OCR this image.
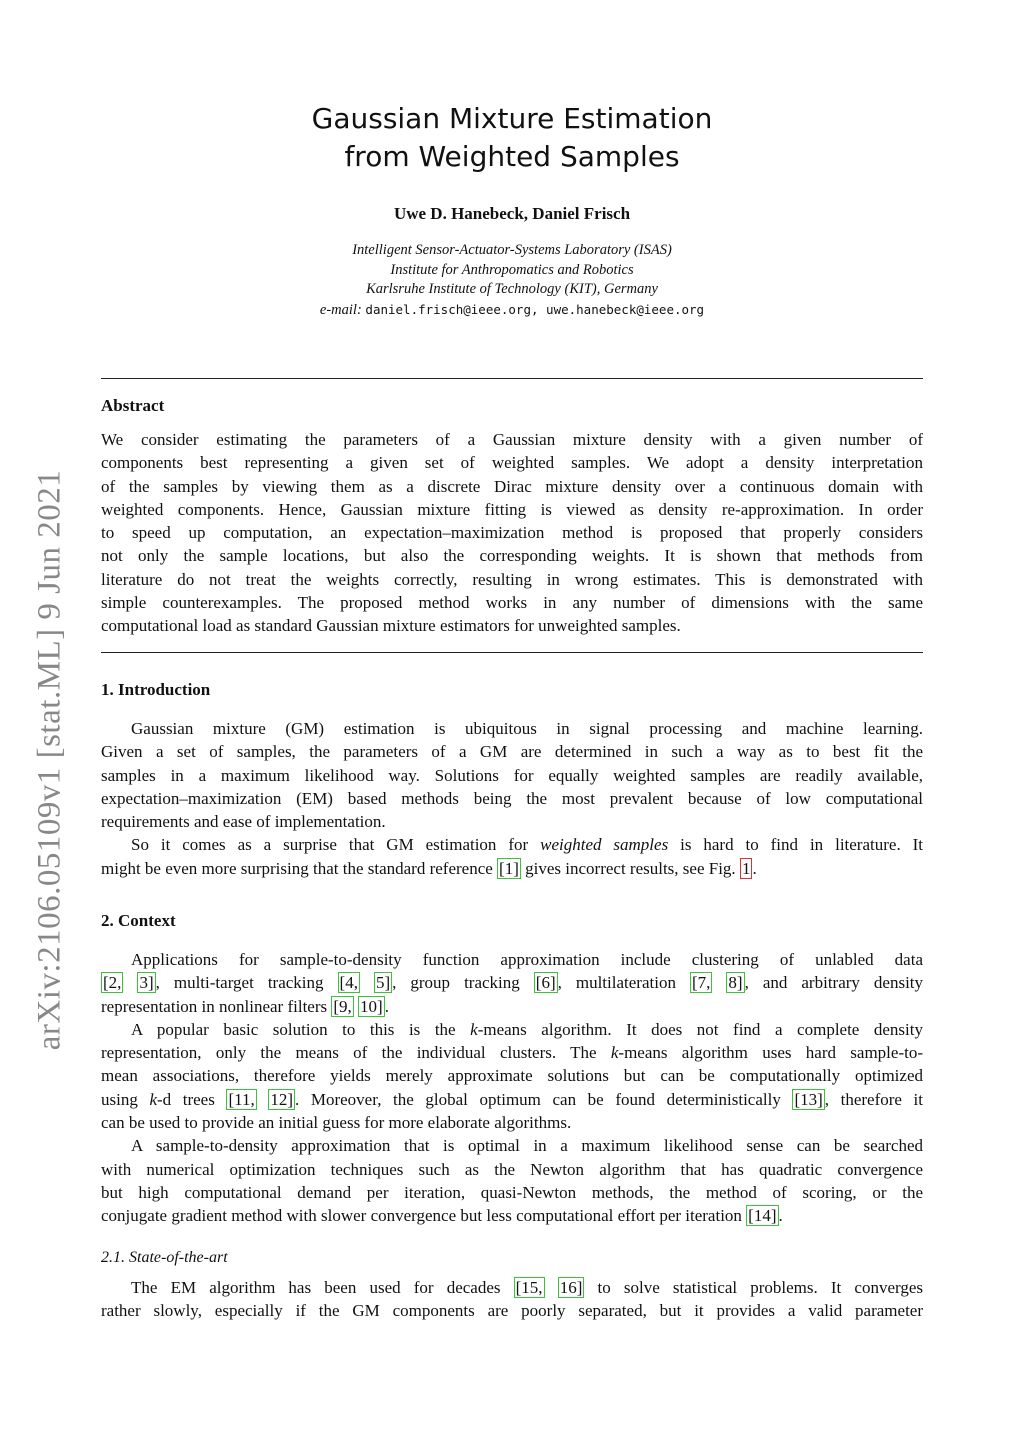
arXiv:2106.05109v1 [stat.ML] 9 Jun 2021
Gaussian Mixture Estimation
from Weighted Samples
Uwe D. Hanebeck, Daniel Frisch
Intelligent Sensor-Actuator-Systems Laboratory (ISAS)
Institute for Anthropomatics and Robotics
Karlsruhe Institute of Technology (KIT), Germany
e-mail: daniel.frisch@ieee.org, uwe.hanebeck@ieee.org
Abstract
We consider estimating the parameters of a Gaussian mixture density with a given number of
components best representing a given set of weighted samples. We adopt a density interpretation
of the samples by viewing them as a discrete Dirac mixture density over a continuous domain with
weighted components. Hence, Gaussian mixture fitting is viewed as density re-approximation. In order
to speed up computation, an expectation–maximization method is proposed that properly considers
not only the sample locations, but also the corresponding weights. It is shown that methods from
literature do not treat the weights correctly, resulting in wrong estimates. This is demonstrated with
simple counterexamples. The proposed method works in any number of dimensions with the same
computational load as standard Gaussian mixture estimators for unweighted samples.
1. Introduction
Gaussian mixture (GM) estimation is ubiquitous in signal processing and machine learning.
Given a set of samples, the parameters of a GM are determined in such a way as to best fit the
samples in a maximum likelihood way. Solutions for equally weighted samples are readily available,
expectation–maximization (EM) based methods being the most prevalent because of low computational
requirements and ease of implementation.
So it comes as a surprise that GM estimation for weighted samples is hard to find in literature. It
might be even more surprising that the standard reference [1] gives incorrect results, see Fig. 1 .
2. Context
Applications for sample-to-density function approximation include clustering of unlabled data
[2, 3] , multi-target tracking [4, 5] , group tracking [6] , multilateration [7, 8] , and arbitrary density
representation in nonlinear filters [9, 10] .
A popular basic solution to this is the k-means algorithm. It does not find a complete density
representation, only the means of the individual clusters. The k-means algorithm uses hard sample-to-
mean associations, therefore yields merely approximate solutions but can be computationally optimized
using k-d trees [11, 12] . Moreover, the global optimum can be found deterministically [13] , therefore it
can be used to provide an initial guess for more elaborate algorithms.
A sample-to-density approximation that is optimal in a maximum likelihood sense can be searched
with numerical optimization techniques such as the Newton algorithm that has quadratic convergence
but high computational demand per iteration, quasi-Newton methods, the method of scoring, or the
conjugate gradient method with slower convergence but less computational effort per iteration [14] .
2.1. State-of-the-art
The EM algorithm has been used for decades [15, 16] to solve statistical problems. It converges
rather slowly, especially if the GM components are poorly separated, but it provides a valid parameter
